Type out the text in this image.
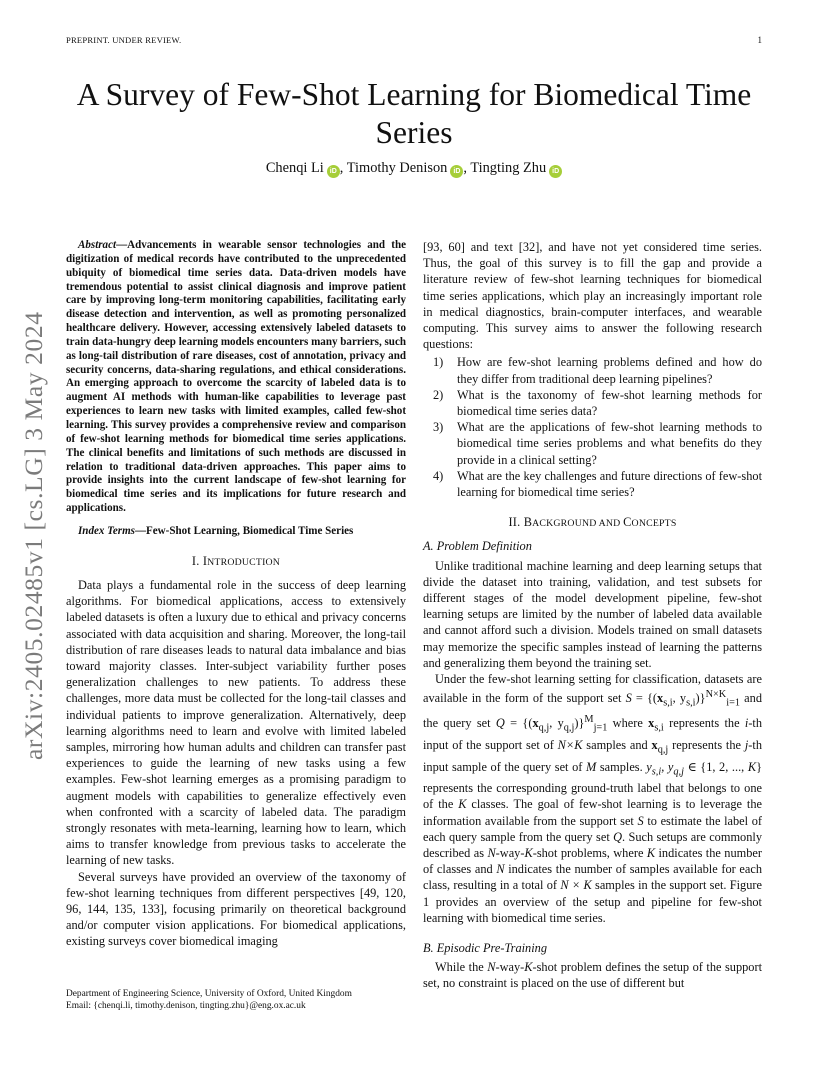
PREPRINT. UNDER REVIEW.	1
arXiv:2405.02485v1 [cs.LG] 3 May 2024
A Survey of Few-Shot Learning for Biomedical Time Series
Chenqi Li iD , Timothy Denison iD , Tingting Zhu iD

Abstract—Advancements in wearable sensor technologies and the digitization of medical records have contributed to the unprecedented ubiquity of biomedical time series data. Data-driven models have tremendous potential to assist clinical diagnosis and improve patient care by improving long-term monitoring capabilities, facilitating early disease detection and intervention, as well as promoting personalized healthcare delivery. However, accessing extensively labeled datasets to train data-hungry deep learning models encounters many barriers, such as long-tail distribution of rare diseases, cost of annotation, privacy and security concerns, data-sharing regulations, and ethical considerations. An emerging approach to overcome the scarcity of labeled data is to augment AI methods with human-like capabilities to leverage past experiences to learn new tasks with limited examples, called few-shot learning. This survey provides a comprehensive review and comparison of few-shot learning methods for biomedical time series applications. The clinical benefits and limitations of such methods are discussed in relation to traditional data-driven approaches. This paper aims to provide insights into the current landscape of few-shot learning for biomedical time series and its implications for future research and applications.

Index Terms—Few-Shot Learning, Biomedical Time Series

I. INTRODUCTION

Data plays a fundamental role in the success of deep learning algorithms. For biomedical applications, access to extensively labeled datasets is often a luxury due to ethical and privacy concerns associated with data acquisition and sharing. Moreover, the long-tail distribution of rare diseases leads to natural data imbalance and bias toward majority classes. Inter-subject variability further poses generalization challenges to new patients. To address these challenges, more data must be collected for the long-tail classes and individual patients to improve generalization. Alternatively, deep learning algorithms need to learn and evolve with limited labeled samples, mirroring how human adults and children can transfer past experiences to guide the learning of new tasks using a few examples. Few-shot learning emerges as a promising paradigm to augment models with capabilities to generalize effectively even when confronted with a scarcity of labeled data. The paradigm strongly resonates with meta-learning, learning how to learn, which aims to transfer knowledge from previous tasks to accelerate the learning of new tasks.

Several surveys have provided an overview of the taxonomy of few-shot learning techniques from different perspectives [49, 120, 96, 144, 135, 133], focusing primarily on theoretical background and/or computer vision applications. For biomedical applications, existing surveys cover biomedical imaging

[93, 60] and text [32], and have not yet considered time series. Thus, the goal of this survey is to fill the gap and provide a literature review of few-shot learning techniques for biomedical time series applications, which play an increasingly important role in medical diagnostics, brain-computer interfaces, and wearable computing. This survey aims to answer the following research questions:

1) How are few-shot learning problems defined and how do they differ from traditional deep learning pipelines?
2) What is the taxonomy of few-shot learning methods for biomedical time series data?
3) What are the applications of few-shot learning methods to biomedical time series problems and what benefits do they provide in a clinical setting?
4) What are the key challenges and future directions of few-shot learning for biomedical time series?
II. BACKGROUND AND CONCEPTS
A. Problem Definition

Unlike traditional machine learning and deep learning setups that divide the dataset into training, validation, and test subsets for different stages of the model development pipeline, few-shot learning setups are limited by the number of labeled data available and cannot afford such a division. Models trained on small datasets may memorize the specific samples instead of learning the patterns and generalizing them beyond the training set.

Under the few-shot learning setting for classification, datasets are available in the form of the support set $S = \{(x_{s,i}$, $y_{s,i})\}^{N\times K}_{i=1}$ and the query set $Q = \{(x_{q,j}$, $y_{q,j})\}^M_{j=1}$ where $x_{s,i}$ represents the i-th input of the support set of N×K samples and $x_{q,j}$ represents the j-th input sample of the query set of M samples. $y_{s,i}$, $y_{q,j}$ ∈ {1, 2, ..., K} represents the corresponding ground-truth label that belongs to one of the K classes. The goal of few-shot learning is to leverage the information available from the support set S to estimate the label of each query sample from the query set Q. Such setups are commonly described as N-way-K-shot problems, where K indicates the number of classes and N indicates the number of samples available for each class, resulting in a total of N × K samples in the support set. Figure 1 provides an overview of the setup and pipeline for few-shot learning with biomedical time series.

B. Episodic Pre-Training

While the N-way-K-shot problem defines the setup of the support set, no constraint is placed on the use of different but

Department of Engineering Science, University of Oxford, United Kingdom
Email: {chenqi.li, timothy.denison, tingting.zhu}@eng.ox.ac.uk
